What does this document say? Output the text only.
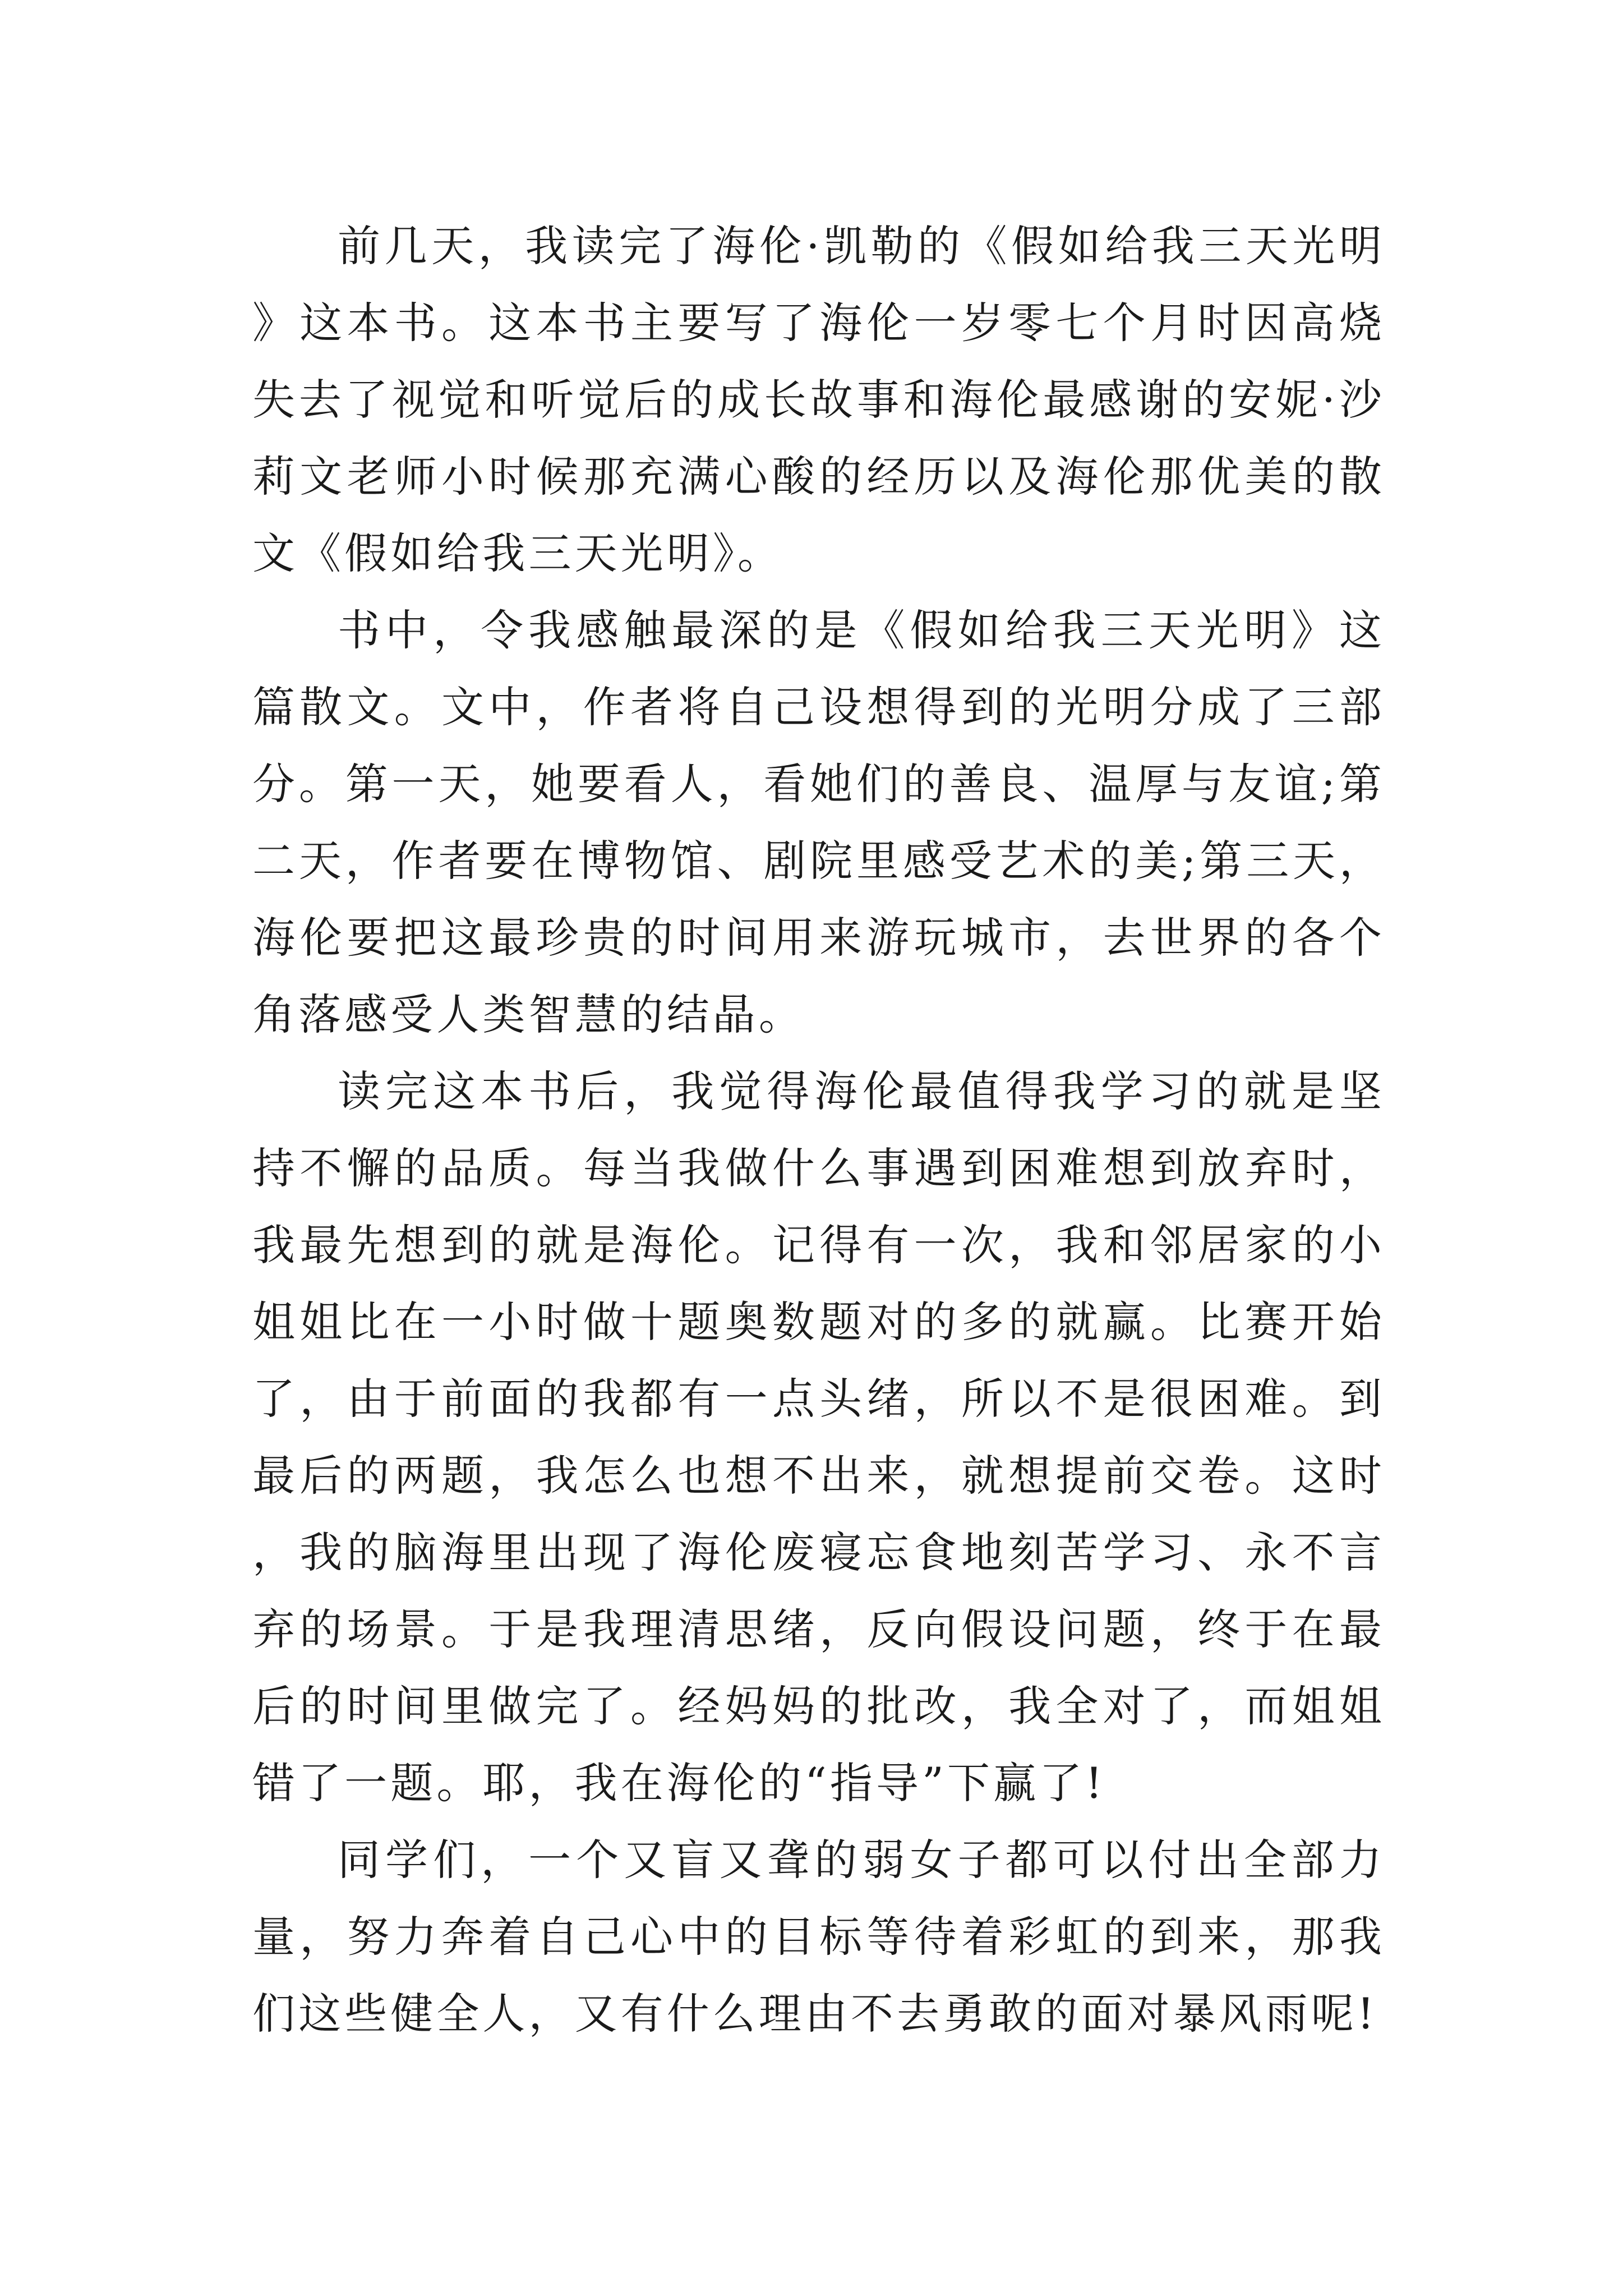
前几天，我读完了海伦·凯勒的《假如给我三天光明》这本书。这本书主要写了海伦一岁零七个月时因高烧失去了视觉和听觉后的成长故事和海伦最感谢的安妮·沙莉文老师小时候那充满心酸的经历以及海伦那优美的散文《假如给我三天光明》。

书中，令我感触最深的是《假如给我三天光明》这篇散文。文中，作者将自己设想得到的光明分成了三部分。第一天，她要看人，看她们的善良、温厚与友谊;第二天，作者要在博物馆、剧院里感受艺术的美;第三天，海伦要把这最珍贵的时间用来游玩城市，去世界的各个角落感受人类智慧的结晶。

读完这本书后，我觉得海伦最值得我学习的就是坚持不懈的品质。每当我做什么事遇到困难想到放弃时，我最先想到的就是海伦。记得有一次，我和邻居家的小姐姐比在一小时做十题奥数题对的多的就赢。比赛开始了，由于前面的我都有一点头绪，所以不是很困难。到最后的两题，我怎么也想不出来，就想提前交卷。这时，我的脑海里出现了海伦废寝忘食地刻苦学习、永不言弃的场景。于是我理清思绪，反向假设问题，终于在最后的时间里做完了。经妈妈的批改，我全对了，而姐姐错了一题。耶，我在海伦的“指导”下赢了!

同学们，一个又盲又聋的弱女子都可以付出全部力量，努力奔着自己心中的目标等待着彩虹的到来，那我们这些健全人，又有什么理由不去勇敢的面对暴风雨呢!
